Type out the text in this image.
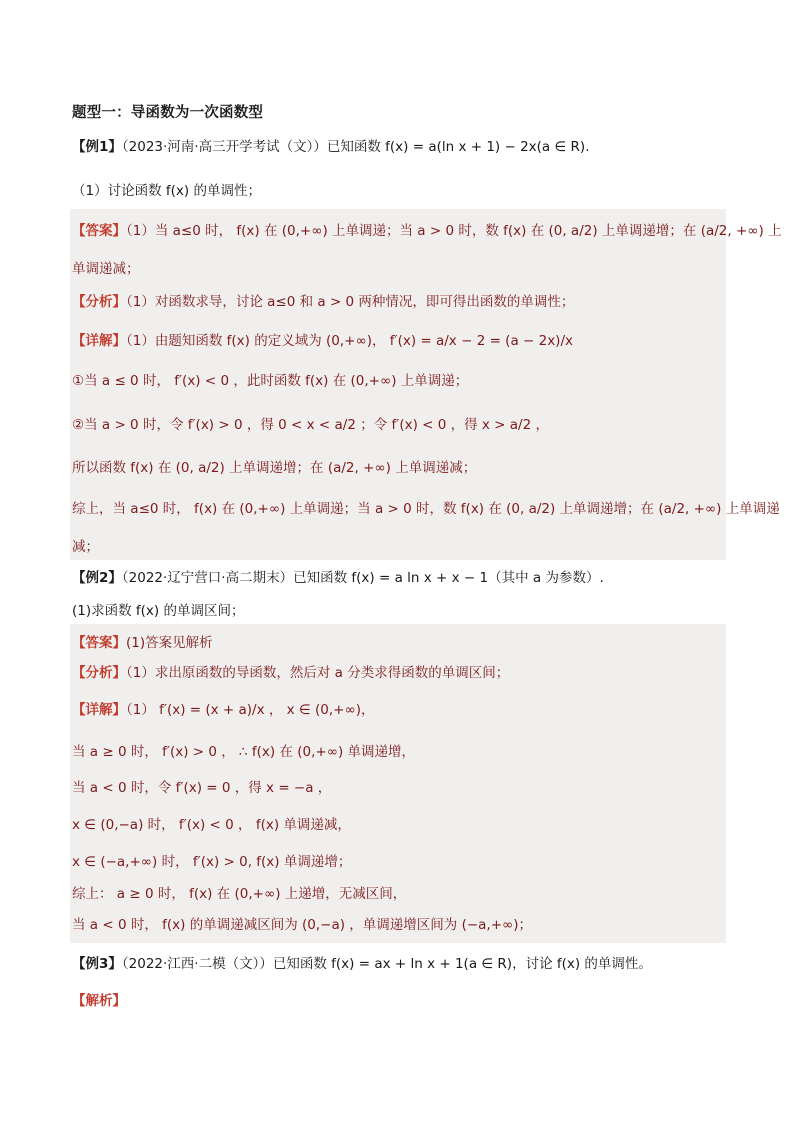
题型一：导函数为一次函数型
【例1】（2023·河南·高三开学考试（文））已知函数 f(x) = a(ln x + 1) − 2x(a ∈ R).
（1）讨论函数 f(x) 的单调性；
【答案】（1）当 a≤0 时， f(x) 在 (0,+∞) 上单调递；当 a > 0 时，数 f(x) 在 (0, a/2) 上单调递增；在 (a/2, +∞) 上
单调递减；
【分析】（1）对函数求导，讨论 a≤0 和 a > 0 两种情况，即可得出函数的单调性；
【详解】（1）由题知函数 f(x) 的定义域为 (0,+∞)， f′(x) = a/x − 2 = (a − 2x)/x
①当 a ≤ 0 时， f′(x) < 0 ，此时函数 f(x) 在 (0,+∞) 上单调递；
②当 a > 0 时，令 f′(x) > 0 ，得 0 < x < a/2 ；令 f′(x) < 0 ，得 x > a/2 ，
所以函数 f(x) 在 (0, a/2) 上单调递增；在 (a/2, +∞) 上单调递减；
综上，当 a≤0 时， f(x) 在 (0,+∞) 上单调递；当 a > 0 时，数 f(x) 在 (0, a/2) 上单调递增；在 (a/2, +∞) 上单调递
减；
【例2】（2022·辽宁营口·高二期末）已知函数 f(x) = a ln x + x − 1（其中 a 为参数）.
(1)求函数 f(x) 的单调区间；
【答案】(1)答案见解析
【分析】（1）求出原函数的导函数，然后对 a 分类求得函数的单调区间；
【详解】（1） f′(x) = (x + a)/x ， x ∈ (0,+∞)，
当 a ≥ 0 时， f′(x) > 0 ， ∴ f(x) 在 (0,+∞) 单调递增，
当 a < 0 时，令 f′(x) = 0 ，得 x = −a ，
x ∈ (0,−a) 时， f′(x) < 0 ， f(x) 单调递减，
x ∈ (−a,+∞) 时， f′(x) > 0, f(x) 单调递增；
综上： a ≥ 0 时， f(x) 在 (0,+∞) 上递增，无减区间，
当 a < 0 时， f(x) 的单调递减区间为 (0,−a) ，单调递增区间为 (−a,+∞)；
【例3】（2022·江西·二模（文））已知函数 f(x) = ax + ln x + 1(a ∈ R)，讨论 f(x) 的单调性。
【解析】
